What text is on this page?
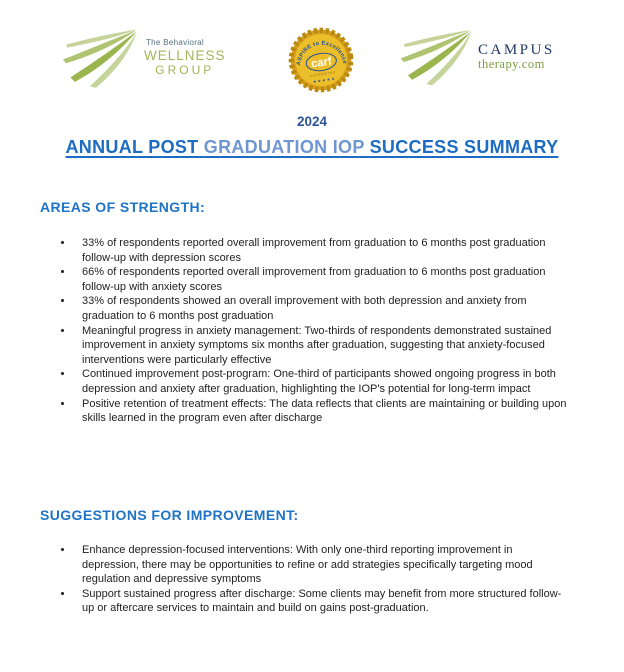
The Behavioral
WELLNESS
GROUP	ASPIRE to Excellence
carf
ACCREDITED
★ ★ ★ ★ ★
CAMPUS
therapy.com
2024
ANNUAL POST GRADUATION IOP SUCCESS SUMMARY
AREAS OF STRENGTH:
• 33% of respondents reported overall improvement from graduation to 6 months post graduation follow-up with depression scores
• 66% of respondents reported overall improvement from graduation to 6 months post graduation follow-up with anxiety scores
• 33% of respondents showed an overall improvement with both depression and anxiety from graduation to 6 months post graduation
• Meaningful progress in anxiety management: Two-thirds of respondents demonstrated sustained improvement in anxiety symptoms six months after graduation, suggesting that anxiety-focused interventions were particularly effective
• Continued improvement post-program: One-third of participants showed ongoing progress in both depression and anxiety after graduation, highlighting the IOP's potential for long-term impact
• Positive retention of treatment effects: The data reflects that clients are maintaining or building upon skills learned in the program even after discharge
SUGGESTIONS FOR IMPROVEMENT:
• Enhance depression-focused interventions: With only one-third reporting improvement in depression, there may be opportunities to refine or add strategies specifically targeting mood regulation and depressive symptoms
• Support sustained progress after discharge: Some clients may benefit from more structured follow-up or aftercare services to maintain and build on gains post-graduation.
